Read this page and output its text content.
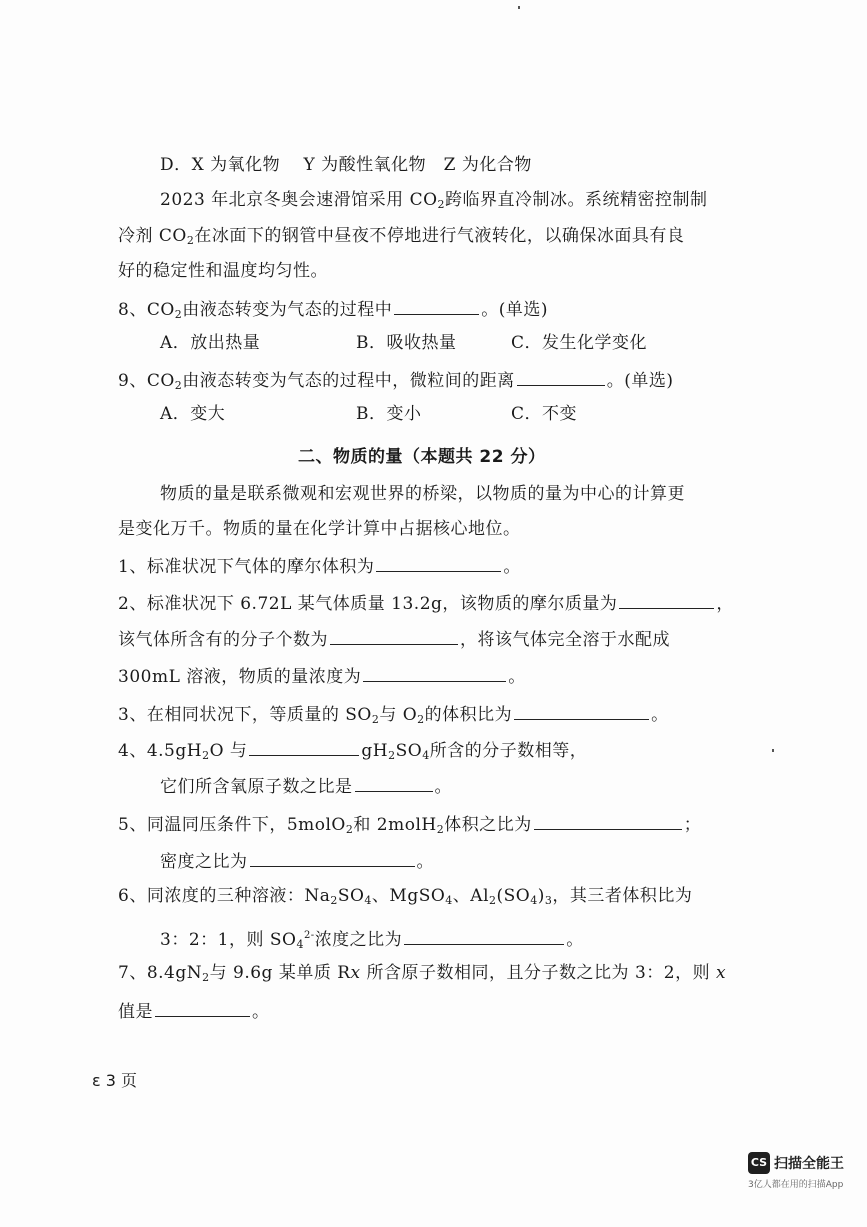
D．X 为氧化物　 Y 为酸性氧化物　Z 为化合物
2023 年北京冬奥会速滑馆采用 $CO_2$跨临界直冷制冰。系统精密控制制
冷剂 $CO_2$在冰面下的钢管中昼夜不停地进行气液转化，以确保冰面具有良
好的稳定性和温度均匀性。
8、$CO_2$由液态转变为气态的过程中	。(单选)
A．放出热量	B．吸收热量	C．发生化学变化
9、$CO_2$由液态转变为气态的过程中，微粒间的距离	。(单选)
A．变大	B．变小	C．不变
二、物质的量（本题共 22 分）
物质的量是联系微观和宏观世界的桥梁，以物质的量为中心的计算更
是变化万千。物质的量在化学计算中占据核心地位。
1、标准状况下气体的摩尔体积为	。
2、标准状况下 6.72L 某气体质量 13.2g，该物质的摩尔质量为	，
该气体所含有的分子个数为	，将该气体完全溶于水配成
300mL 溶液，物质的量浓度为	。
3、在相同状况下，等质量的 $SO_2$与 $O_2$的体积比为	。
4、$4.5gH_2O$ 与	$gH_2SO_4$所含的分子数相等，
它们所含氧原子数之比是	。
5、同温同压条件下，5molO$_2$和 2molH$_2$体积之比为	；
密度之比为	。
6、同浓度的三种溶液：$Na_2SO_4$、MgSO$_4$、$Al_2(SO_4)_3$，其三者体积比为
3：2：1，则 $SO_4^{2-}$浓度之比为	。
7、$8.4gN_2$与 9.6g 某单质 Rx 所含原子数相同，且分子数之比为 3：2，则 x
值是	。
ε 3 页
CS 扫描全能王
3亿人都在用的扫描App
